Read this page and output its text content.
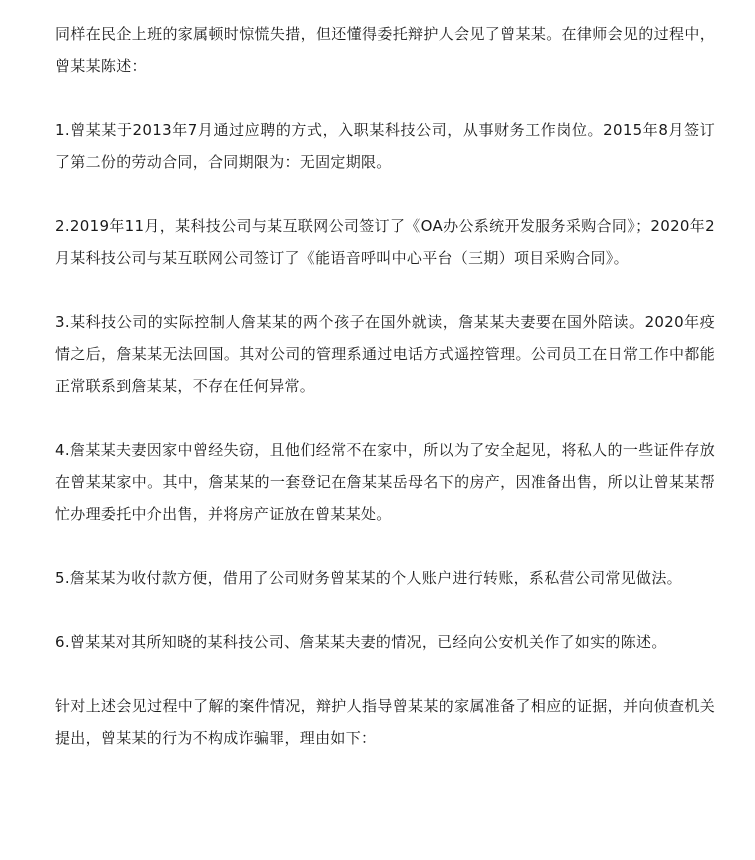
同样在民企上班的家属顿时惊慌失措，但还懂得委托辩护人会见了曾某某。在律师会见的过程中，曾某某陈述：

1.曾某某于2013年7月通过应聘的方式，入职某科技公司，从事财务工作岗位。2015年8月签订了第二份的劳动合同，合同期限为：无固定期限。

2.2019年11月，某科技公司与某互联网公司签订了《OA办公系统开发服务采购合同》；2020年2月某科技公司与某互联网公司签订了《能语音呼叫中心平台（三期）项目采购合同》。

3.某科技公司的实际控制人詹某某的两个孩子在国外就读，詹某某夫妻要在国外陪读。2020年疫情之后，詹某某无法回国。其对公司的管理系通过电话方式遥控管理。公司员工在日常工作中都能正常联系到詹某某，不存在任何异常。

4.詹某某夫妻因家中曾经失窃，且他们经常不在家中，所以为了安全起见，将私人的一些证件存放在曾某某家中。其中，詹某某的一套登记在詹某某岳母名下的房产，因准备出售，所以让曾某某帮忙办理委托中介出售，并将房产证放在曾某某处。

5.詹某某为收付款方便，借用了公司财务曾某某的个人账户进行转账，系私营公司常见做法。

6.曾某某对其所知晓的某科技公司、詹某某夫妻的情况，已经向公安机关作了如实的陈述。

针对上述会见过程中了解的案件情况，辩护人指导曾某某的家属准备了相应的证据，并向侦查机关提出，曾某某的行为不构成诈骗罪，理由如下：
